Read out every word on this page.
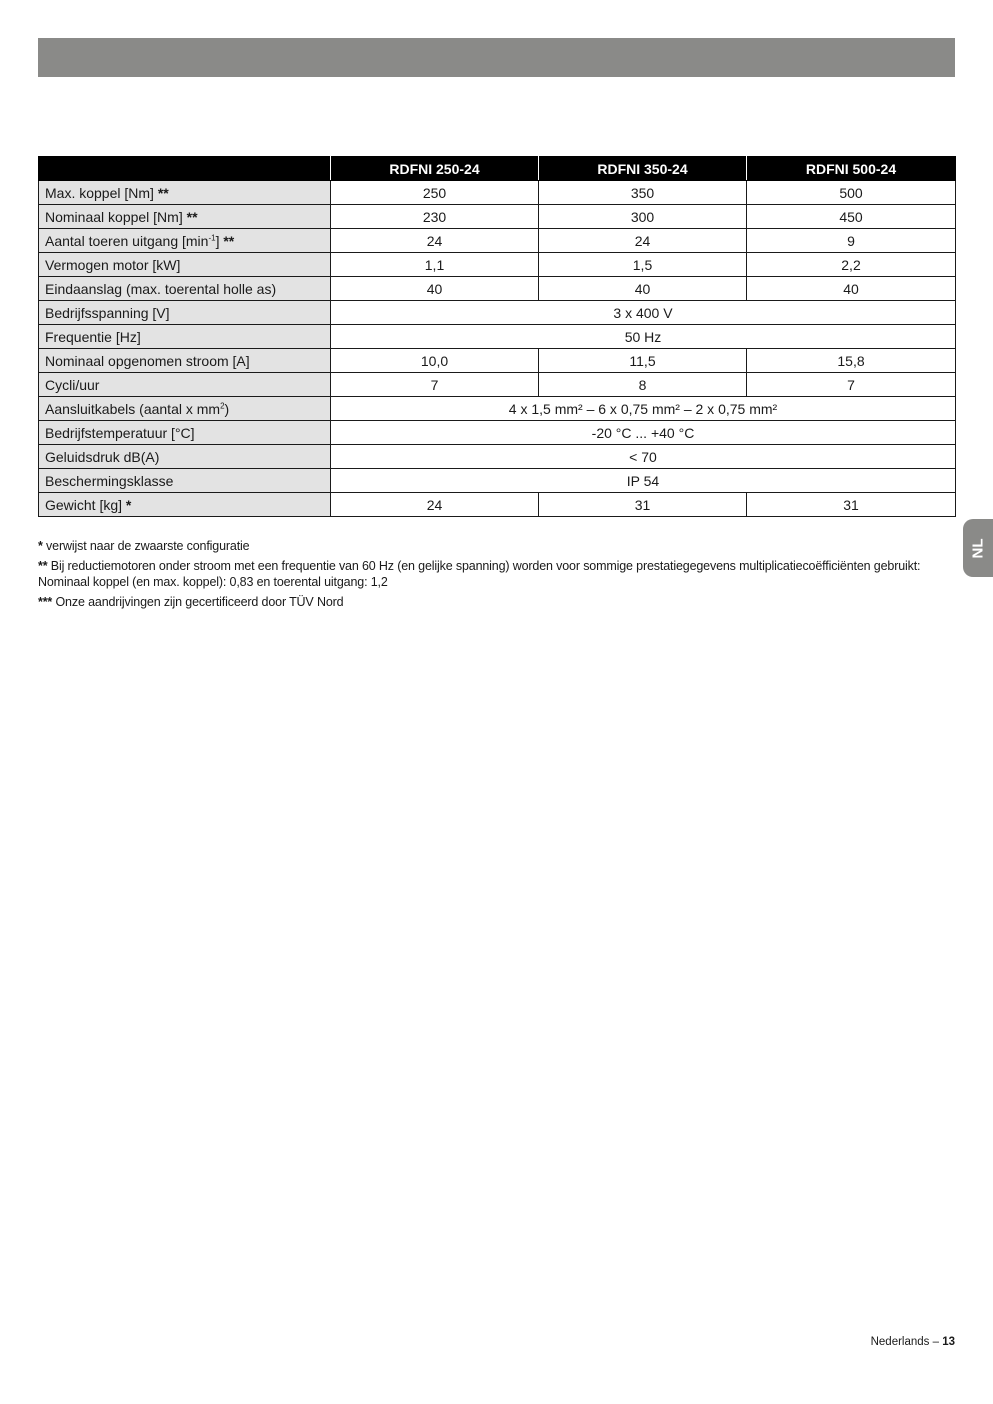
	RDFNI 250-24	RDFNI 350-24	RDFNI 500-24
Max. koppel [Nm] **	250	350	500
Nominaal koppel [Nm] **	230	300	450
Aantal toeren uitgang $[\min^{-1}]$ **	24	24	9
Vermogen motor [kW]	1,1	1,5	2,2
Eindaanslag (max. toerental holle as)	40	40	40
Bedrijfsspanning [V]	3 x 400 V		
Frequentie [Hz]	50 Hz		
Nominaal opgenomen stroom [A]	10,0	11,5	15,8
Cycli/uur	7	8	7
Aansluitkabels (aantal x $mm^2$)	4 x 1,5 mm² – 6 x 0,75 mm² – 2 x 0,75 mm²		
Bedrijfstemperatuur [°C]	-20 °C ... +40 °C		
Geluidsdruk dB(A)	< 70		
Beschermingsklasse	IP 54		
Gewicht [kg] *	24	31	31

* verwijst naar de zwaarste configuratie

** Bij reductiemotoren onder stroom met een frequentie van 60 Hz (en gelijke spanning) worden voor sommige prestatiegegevens multiplicatiecoëfficiënten gebruikt: Nominaal koppel (en max. koppel): 0,83 en toerental uitgang: 1,2

*** Onze aandrijvingen zijn gecertificeerd door TÜV Nord

NL
Nederlands – 13
